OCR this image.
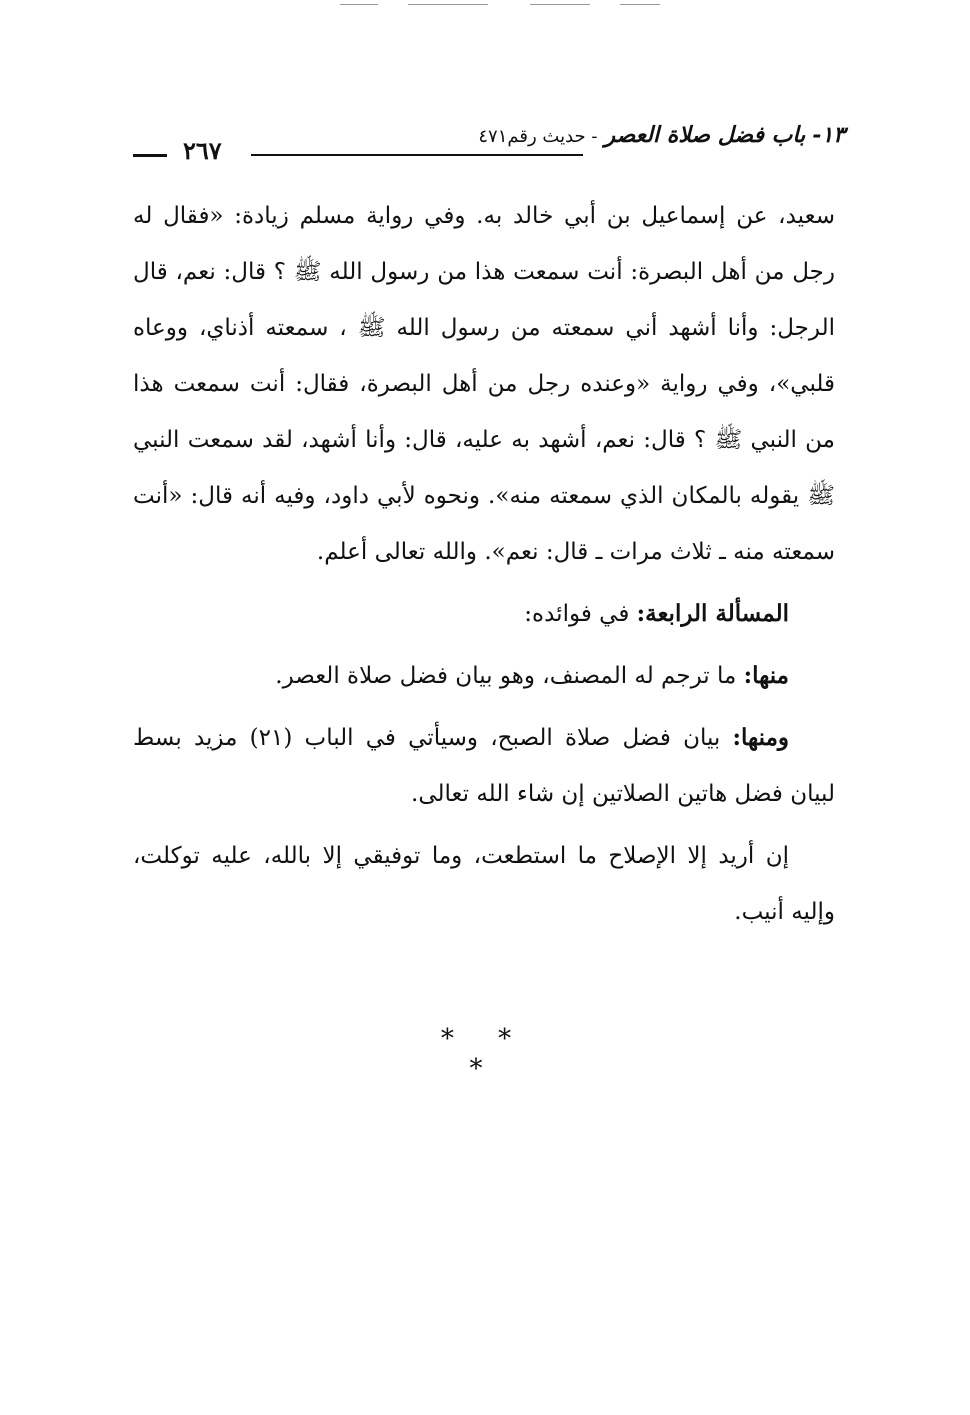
١٣- باب فضل صلاة العصر - حديث رقم٤٧١
٢٦٧

سعيد، عن إسماعيل بن أبي خالد به. وفي رواية مسلم زيادة: «فقال له رجل من أهل البصرة: أنت سمعت هذا من رسول الله ﷺ ؟ قال: نعم، قال الرجل: وأنا أشهد أني سمعته من رسول الله ﷺ ، سمعته أذناي، ووعاه قلبي»، وفي رواية «وعنده رجل من أهل البصرة، فقال: أنت سمعت هذا من النبي ﷺ ؟ قال: نعم، أشهد به عليه، قال: وأنا أشهد، لقد سمعت النبي ﷺ يقوله بالمكان الذي سمعته منه». ونحوه لأبي داود، وفيه أنه قال: «أنت سمعته منه ـ ثلاث مرات ـ قال: نعم». والله تعالى أعلم.

المسألة الرابعة: في فوائده:

منها: ما ترجم له المصنف، وهو بيان فضل صلاة العصر.

ومنها: بيان فضل صلاة الصبح، وسيأتي في الباب (٢١) مزيد بسط لبيان فضل هاتين الصلاتين إن شاء الله تعالى.

إن أريد إلا الإصلاح ما استطعت، وما توفيقي إلا بالله، عليه توكلت، وإليه أنيب.

* * *
